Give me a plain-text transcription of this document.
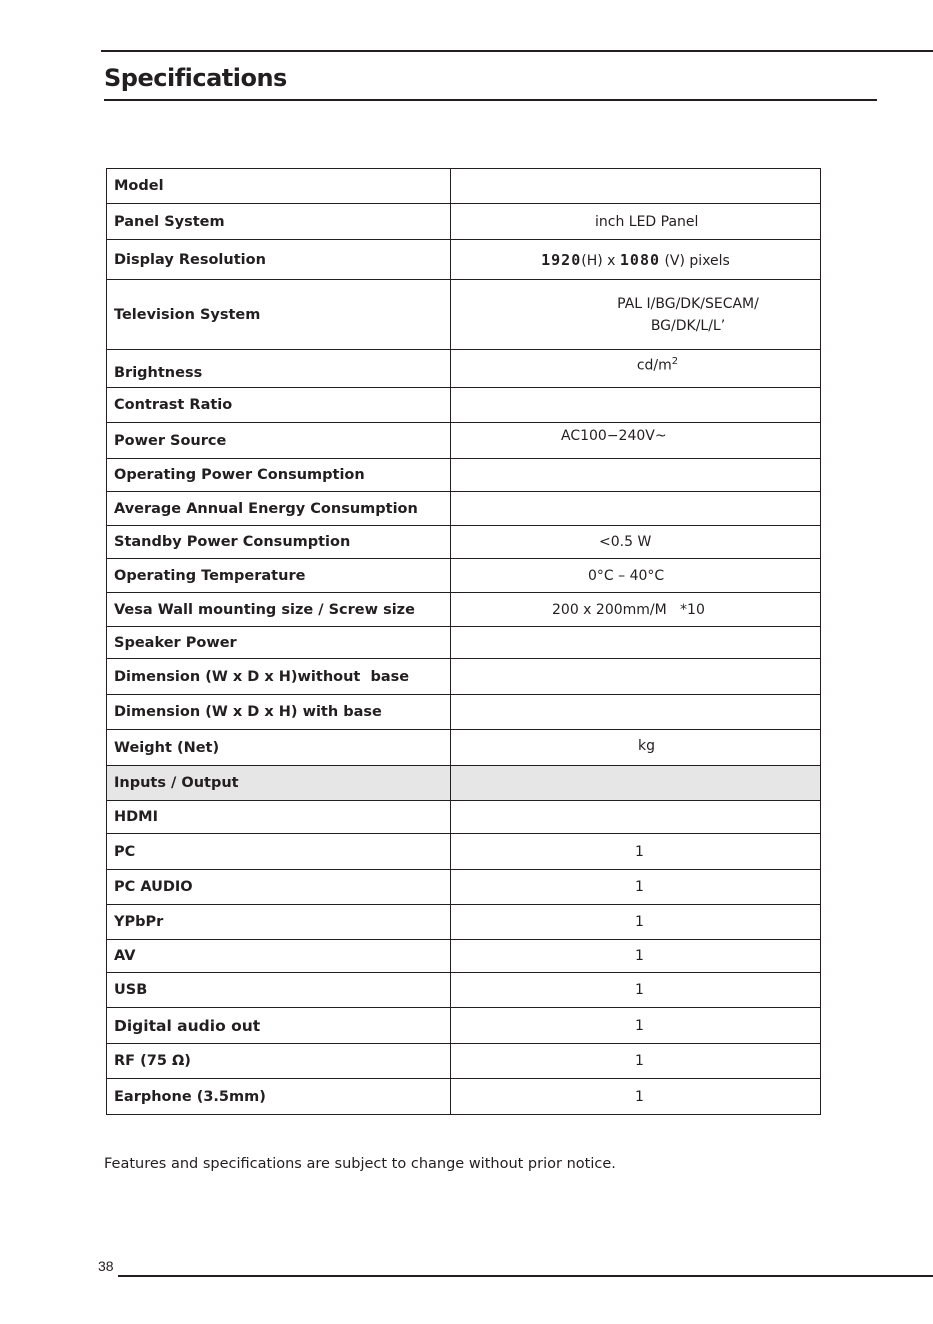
Specifications
Model	
Panel System	inch LED Panel
Display Resolution	1920(H) x 1080 (V) pixels
Television System	PAL I/BG/DK/SECAM/
BG/DK/L/L’

Brightness	$cd/m^2$
Contrast Ratio	
Power Source	AC100−240V~
Operating Power Consumption	
Average Annual Energy Consumption	
Standby Power Consumption	<0.5 W
Operating Temperature	0°C – 40°C
Vesa Wall mounting size / Screw size	200 x 200mm/M   *10
Speaker Power	
Dimension (W x D x H)without  base	
Dimension (W x D x H) with base	
Weight (Net)	kg
Inputs / Output	
HDMI	
PC	1
PC AUDIO	1
YPbPr	1
AV	1
USB	1
Digital audio out	1
RF (75 Ω)	1
Earphone (3.5mm)	1
Features and specifications are subject to change without prior notice.
38
